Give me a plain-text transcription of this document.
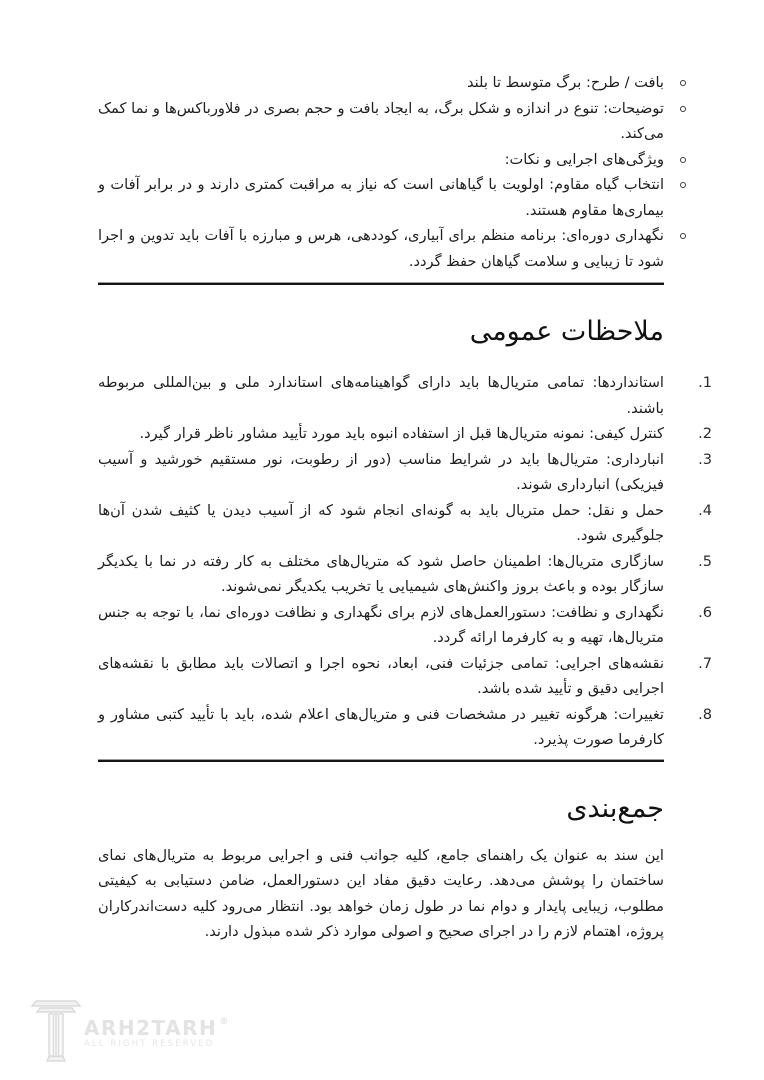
بافت / طرح: برگ متوسط تا بلند
توضیحات: تنوع در اندازه و شکل برگ، به ایجاد بافت و حجم بصری در فلاورباکس‌ها و نما کمک می‌کند.
ویژگی‌های اجرایی و نکات:
انتخاب گیاه مقاوم: اولویت با گیاهانی است که نیاز به مراقبت کمتری دارند و در برابر آفات و بیماری‌ها مقاوم هستند.
نگهداری دوره‌ای: برنامه منظم برای آبیاری، کوددهی، هرس و مبارزه با آفات باید تدوین و اجرا شود تا زیبایی و سلامت گیاهان حفظ گردد.
ملاحظات عمومی
1.
استانداردها: تمامی متریال‌ها باید دارای گواهینامه‌های استاندارد ملی و بین‌المللی مربوطه باشند.
2.
کنترل کیفی: نمونه متریال‌ها قبل از استفاده انبوه باید مورد تأیید مشاور ناظر قرار گیرد.
3.
انبارداری: متریال‌ها باید در شرایط مناسب (دور از رطوبت، نور مستقیم خورشید و آسیب فیزیکی) انبارداری شوند.
4.
حمل و نقل: حمل متریال باید به گونه‌ای انجام شود که از آسیب دیدن یا کثیف شدن آن‌ها جلوگیری شود.
5.
سازگاری متریال‌ها: اطمینان حاصل شود که متریال‌های مختلف به کار رفته در نما با یکدیگر سازگار بوده و باعث بروز واکنش‌های شیمیایی یا تخریب یکدیگر نمی‌شوند.
6.
نگهداری و نظافت: دستورالعمل‌های لازم برای نگهداری و نظافت دوره‌ای نما، با توجه به جنس متریال‌ها، تهیه و به کارفرما ارائه گردد.
7.
نقشه‌های اجرایی: تمامی جزئیات فنی، ابعاد، نحوه اجرا و اتصالات باید مطابق با نقشه‌های اجرایی دقیق و تأیید شده باشد.
8.
تغییرات: هرگونه تغییر در مشخصات فنی و متریال‌های اعلام شده، باید با تأیید کتبی مشاور و کارفرما صورت پذیرد.
جمع‌بندی

این سند به عنوان یک راهنمای جامع، کلیه جوانب فنی و اجرایی مربوط به متریال‌های نمای ساختمان را پوشش می‌دهد. رعایت دقیق مفاد این دستورالعمل، ضامن دستیابی به کیفیتی مطلوب، زیبایی پایدار و دوام نما در طول زمان خواهد بود. انتظار می‌رود کلیه دست‌اندرکاران پروژه، اهتمام لازم را در اجرای صحیح و اصولی موارد ذکر شده مبذول دارند.

ARH2TARH ®
ALL RIGHT RESERVED
